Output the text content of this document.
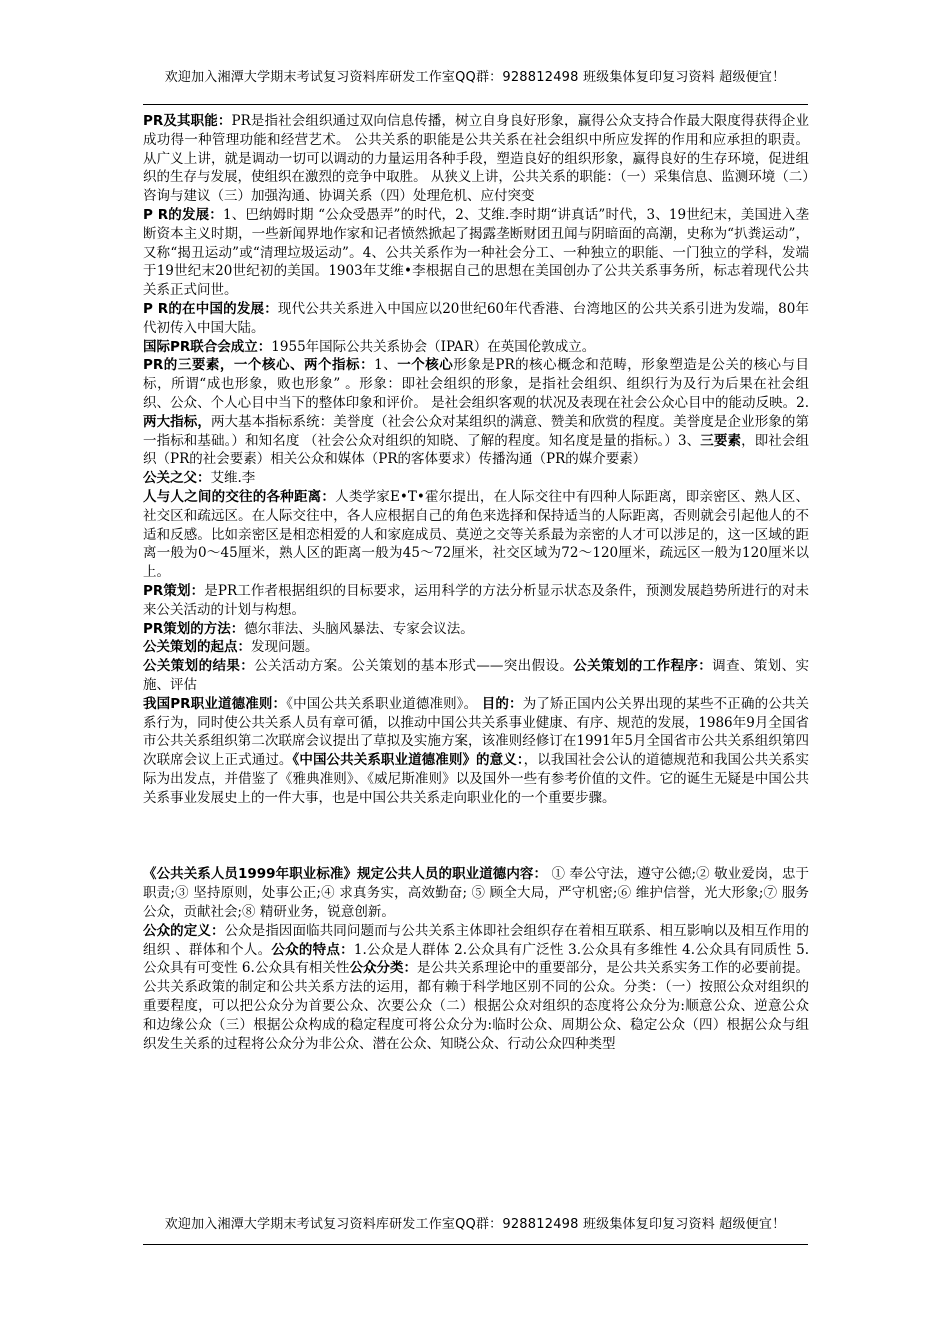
欢迎加入湘潭大学期末考试复习资料库研发工作室QQ群：928812498 班级集体复印复习资料 超级便宜！

PR及其职能：PR是指社会组织通过双向信息传播，树立自身良好形象，赢得公众支持合作最大限度得获得企业成功得一种管理功能和经营艺术。 公共关系的职能是公共关系在社会组织中所应发挥的作用和应承担的职责。 从广义上讲，就是调动一切可以调动的力量运用各种手段，塑造良好的组织形象，赢得良好的生存环境，促进组织的生存与发展，使组织在激烈的竞争中取胜。 从狭义上讲，公共关系的职能：（一）采集信息、监测环境（二）咨询与建议（三）加强沟通、协调关系（四）处理危机、应付突变

P R的发展：1、巴纳姆时期 “公众受愚弄”的时代，2、艾维.李时期“讲真话”时代，3、19世纪末，美国进入垄断资本主义时期，一些新闻界地作家和记者愤然掀起了揭露垄断财团丑闻与阴暗面的高潮，史称为“扒粪运动”，又称“揭丑运动”或“清理垃圾运动”。4、公共关系作为一种社会分工、一种独立的职能、一门独立的学科，发端于19世纪末20世纪初的美国。1903年艾维•李根据自己的思想在美国创办了公共关系事务所，标志着现代公共关系正式问世。

P R的在中国的发展：现代公共关系进入中国应以20世纪60年代香港、台湾地区的公共关系引进为发端，80年代初传入中国大陆。

国际PR联合会成立：1955年国际公共关系协会（IPAR）在英国伦敦成立。

PR的三要素，一个核心、两个指标：1、一个核心形象是PR的核心概念和范畴，形象塑造是公关的核心与目标，所谓“成也形象，败也形象” 。形象：即社会组织的形象，是指社会组织、组织行为及行为后果在社会组织、公众、个人心目中当下的整体印象和评价。 是社会组织客观的状况及表现在社会公众心目中的能动反映。2.两大指标，两大基本指标系统：美誉度（社会公众对某组织的满意、赞美和欣赏的程度。美誉度是企业形象的第一指标和基础。）和知名度 （社会公众对组织的知晓、了解的程度。知名度是量的指标。）3、三要素，即社会组织（PR的社会要素）相关公众和媒体（PR的客体要求）传播沟通（PR的媒介要素）

公关之父：艾维.李

人与人之间的交往的各种距离：人类学家E•T•霍尔提出，在人际交往中有四种人际距离，即亲密区、熟人区、社交区和疏远区。在人际交往中，各人应根据自己的角色来选择和保持适当的人际距离，否则就会引起他人的不适和反感。比如亲密区是相恋相爱的人和家庭成员、莫逆之交等关系最为亲密的人才可以涉足的，这一区域的距离一般为0～45厘米，熟人区的距离一般为45～72厘米，社交区域为72～120厘米，疏远区一般为120厘米以上。

PR策划：是PR工作者根据组织的目标要求，运用科学的方法分析显示状态及条件，预测发展趋势所进行的对未来公关活动的计划与构想。

PR策划的方法：德尔菲法、头脑风暴法、专家会议法。

公关策划的起点：发现问题。

公关策划的结果：公关活动方案。公关策划的基本形式——突出假设。公关策划的工作程序：调查、策划、实施、评估

我国PR职业道德准则：《中国公共关系职业道德准则》。 目的：为了矫正国内公关界出现的某些不正确的公共关系行为，同时使公共关系人员有章可循，以推动中国公共关系事业健康、有序、规范的发展，1986年9月全国省市公共关系组织第二次联席会议提出了草拟及实施方案，该准则经修订在1991年5月全国省市公共关系组织第四次联席会议上正式通过。《中国公共关系职业道德准则》的意义：，以我国社会公认的道德规范和我国公共关系实际为出发点，并借鉴了《雅典准则》、《威尼斯准则》以及国外一些有参考价值的文件。它的诞生无疑是中国公共关系事业发展史上的一件大事，也是中国公共关系走向职业化的一个重要步骤。

《公共关系人员1999年职业标准》规定公共人员的职业道德内容： ① 奉公守法，遵守公德;② 敬业爱岗，忠于职责;③ 坚持原则，处事公正;④ 求真务实，高效勤奋; ⑤ 顾全大局，严守机密;⑥ 维护信誉，光大形象;⑦ 服务公众，贡献社会;⑧ 精研业务，锐意创新。

公众的定义：公众是指因面临共同问题而与公共关系主体即社会组织存在着相互联系、相互影响以及相互作用的组织 、群体和个人。公众的特点：1.公众是人群体 2.公众具有广泛性 3.公众具有多维性 4.公众具有同质性 5.公众具有可变性 6.公众具有相关性公众分类：是公共关系理论中的重要部分，是公共关系实务工作的必要前提。公共关系政策的制定和公共关系方法的运用，都有赖于科学地区别不同的公众。分类：（一）按照公众对组织的重要程度，可以把公众分为首要公众、次要公众（二）根据公众对组织的态度将公众分为:顺意公众、逆意公众和边缘公众（三）根据公众构成的稳定程度可将公众分为:临时公众、周期公众、稳定公众（四）根据公众与组织发生关系的过程将公众分为非公众、潜在公众、知晓公众、行动公众四种类型

欢迎加入湘潭大学期末考试复习资料库研发工作室QQ群：928812498 班级集体复印复习资料 超级便宜！
